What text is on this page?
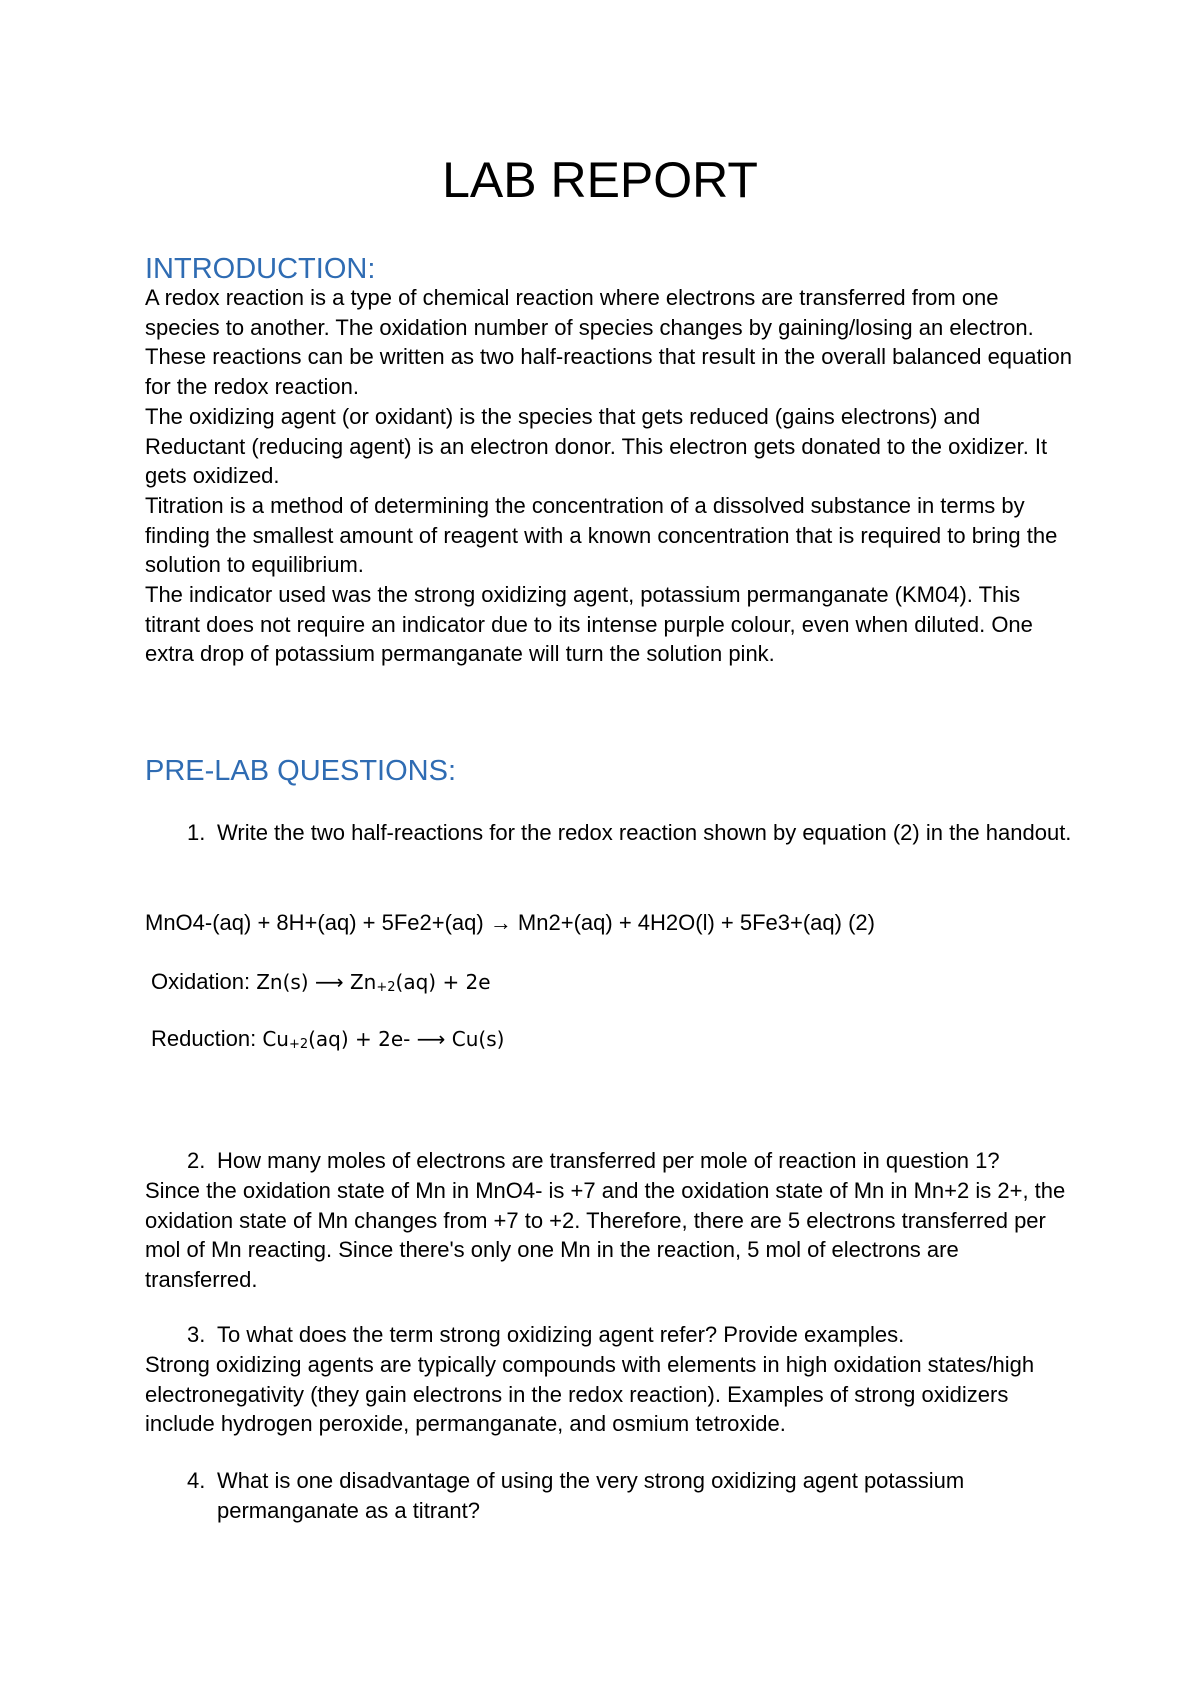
LAB REPORT
INTRODUCTION:

A redox reaction is a type of chemical reaction where electrons are transferred from one species to another. The oxidation number of species changes by gaining/losing an electron. These reactions can be written as two half-reactions that result in the overall balanced equation for the redox reaction.

The oxidizing agent (or oxidant) is the species that gets reduced (gains electrons) and Reductant (reducing agent) is an electron donor. This electron gets donated to the oxidizer. It gets oxidized.

Titration is a method of determining the concentration of a dissolved substance in terms by finding the smallest amount of reagent with a known concentration that is required to bring the solution to equilibrium.

The indicator used was the strong oxidizing agent, potassium permanganate (KM04). This titrant does not require an indicator due to its intense purple colour, even when diluted. One extra drop of potassium permanganate will turn the solution pink.

PRE-LAB QUESTIONS:
1. Write the two half-reactions for the redox reaction shown by equation (2) in the handout.
MnO4-(aq) + 8H+(aq) + 5Fe2+(aq) → Mn2+(aq) + 4H2O(l) + 5Fe3+(aq) (2)
Oxidation: Zn(s) ⟶ $Zn_{+2}(aq) + 2e$
Reduction: $Cu_{+2}(aq) + 2e-$ ⟶ Cu(s)
2. How many moles of electrons are transferred per mole of reaction in question 1?
Since the oxidation state of Mn in MnO4- is +7 and the oxidation state of Mn in Mn+2 is 2+, the oxidation state of Mn changes from +7 to +2. Therefore, there are 5 electrons transferred per mol of Mn reacting. Since there's only one Mn in the reaction, 5 mol of electrons are transferred.
3. To what does the term strong oxidizing agent refer? Provide examples.
Strong oxidizing agents are typically compounds with elements in high oxidation states/high electronegativity (they gain electrons in the redox reaction). Examples of strong oxidizers include hydrogen peroxide, permanganate, and osmium tetroxide.
4. What is one disadvantage of using the very strong oxidizing agent potassium permanganate as a titrant?
